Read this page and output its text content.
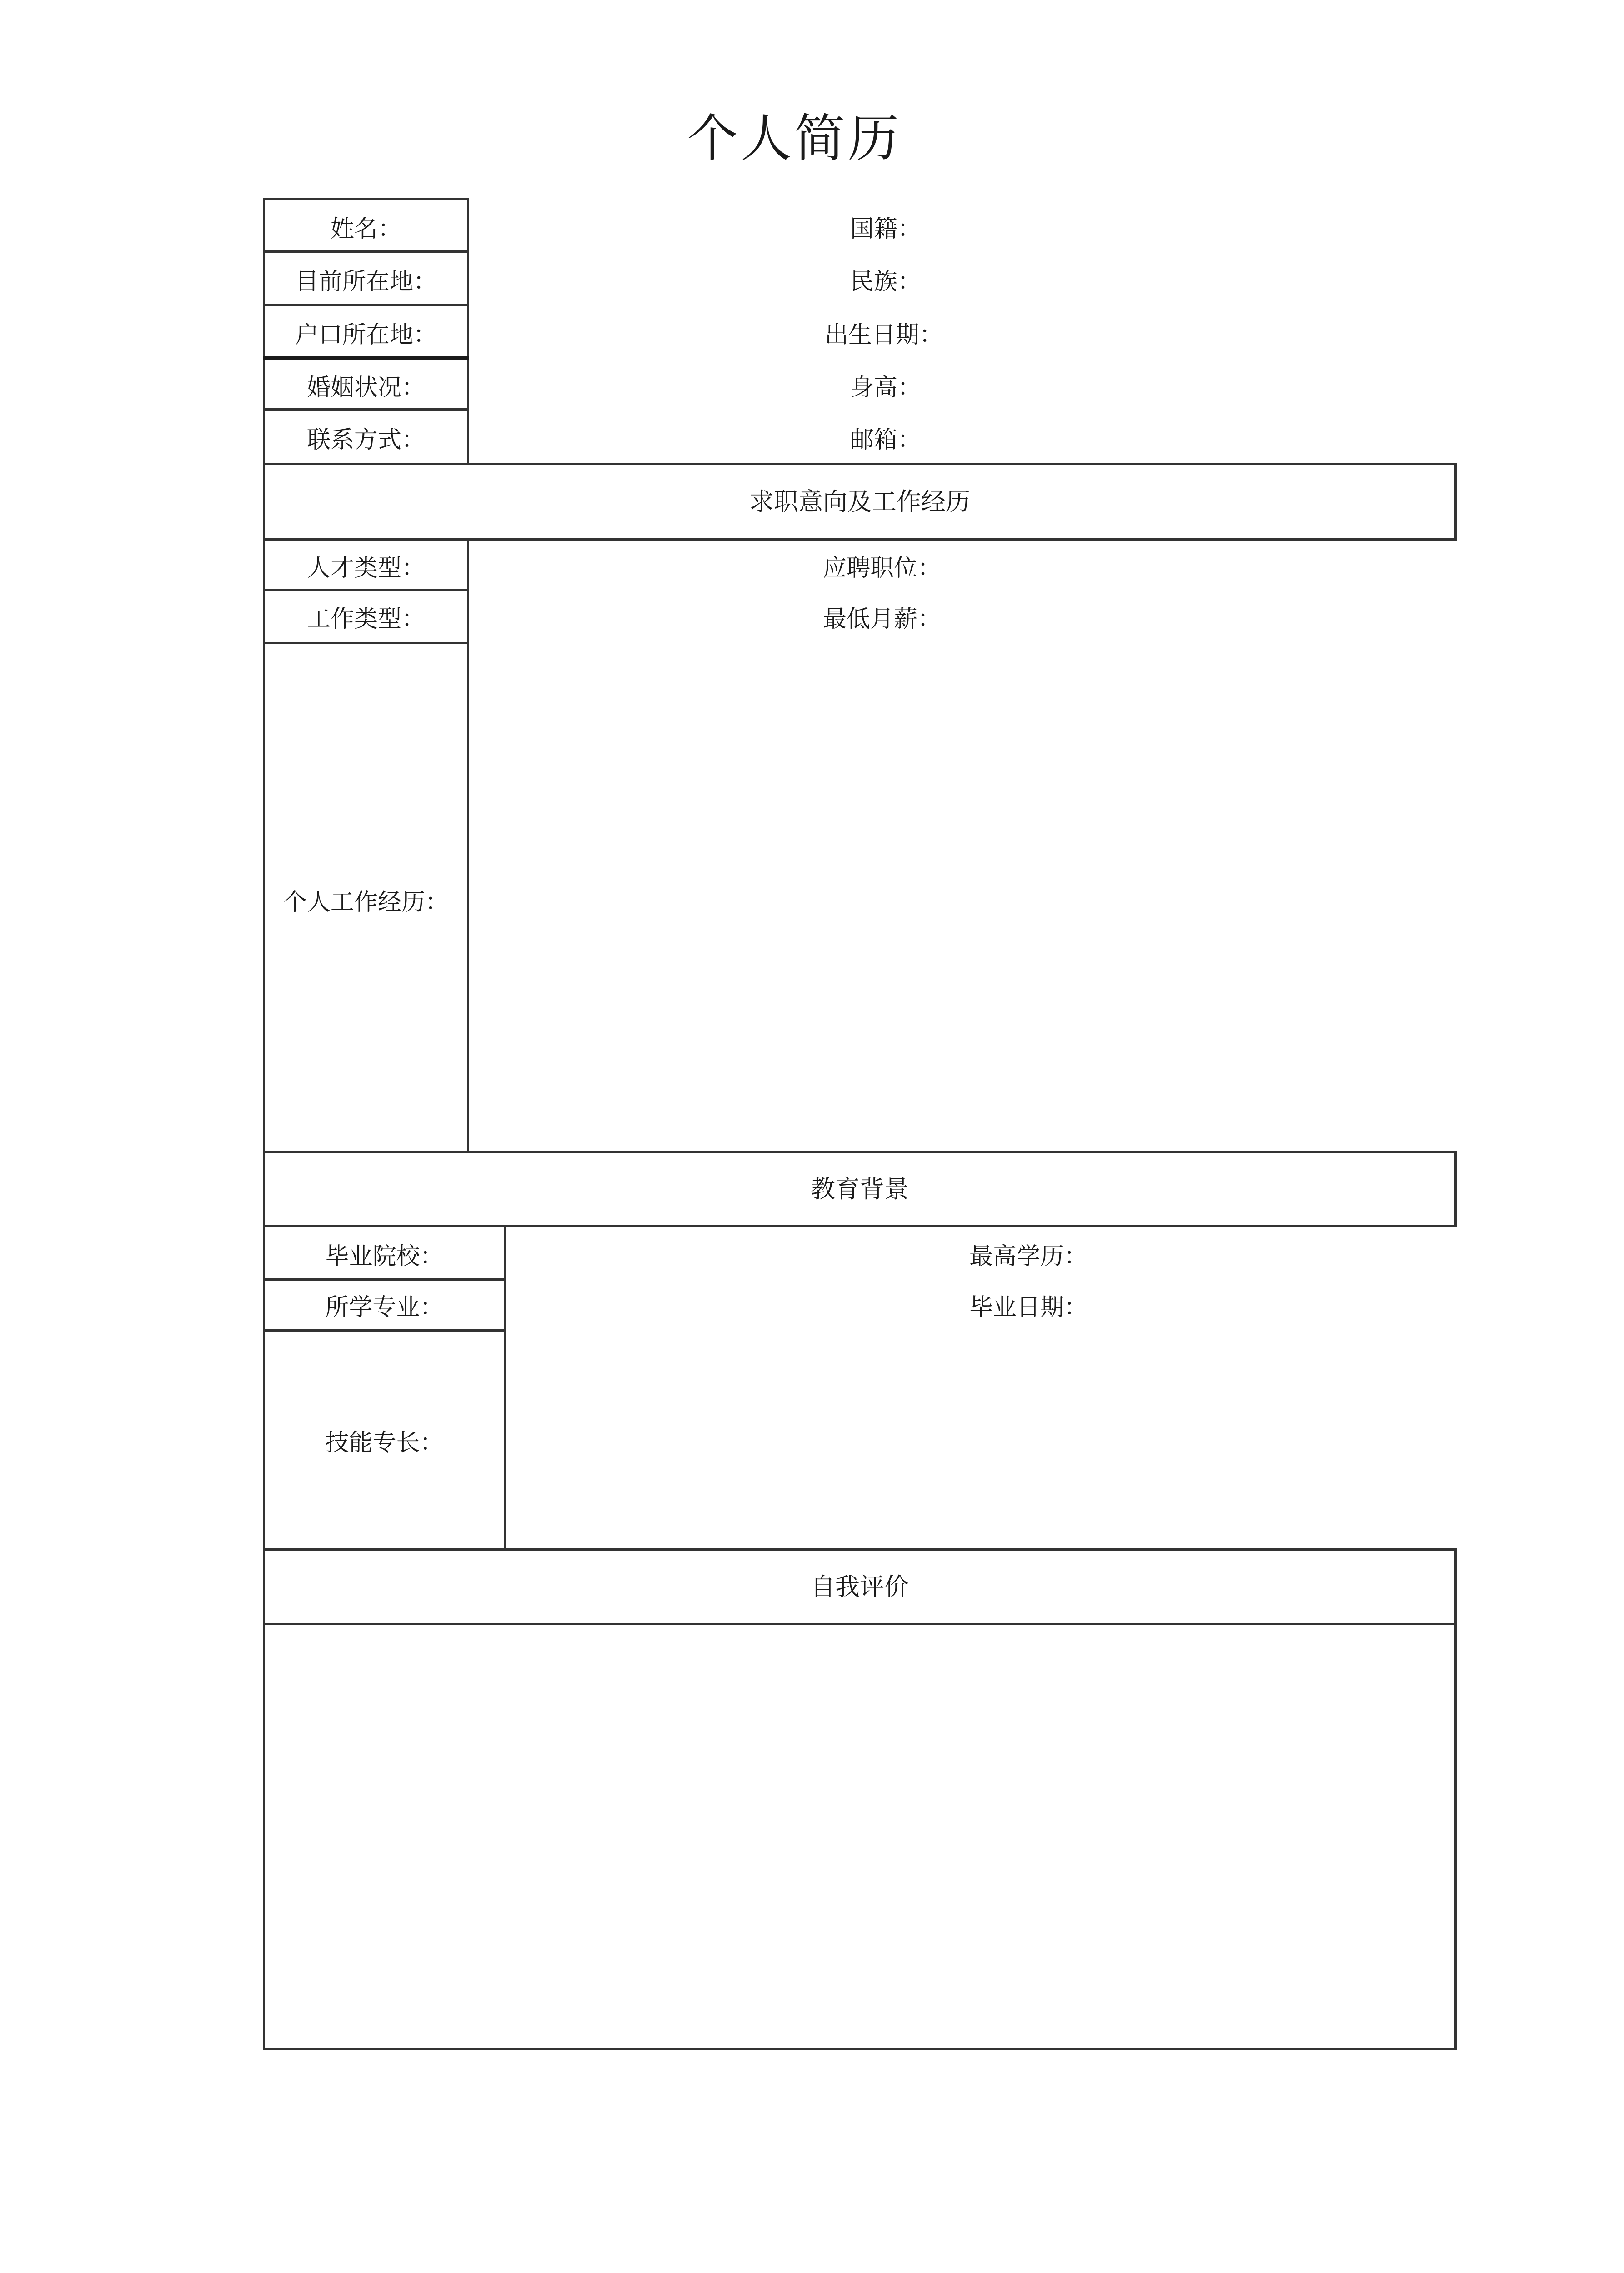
个人简历
姓名：
目前所在地：
户口所在地：
婚姻状况：
联系方式：
国籍：
民族：
出生日期：
身高：
邮箱：
求职意向及工作经历
人才类型：
工作类型：
个人工作经历：
应聘职位：
最低月薪：
教育背景
毕业院校：
所学专业：
技能专长：
最高学历：
毕业日期：
自我评价
